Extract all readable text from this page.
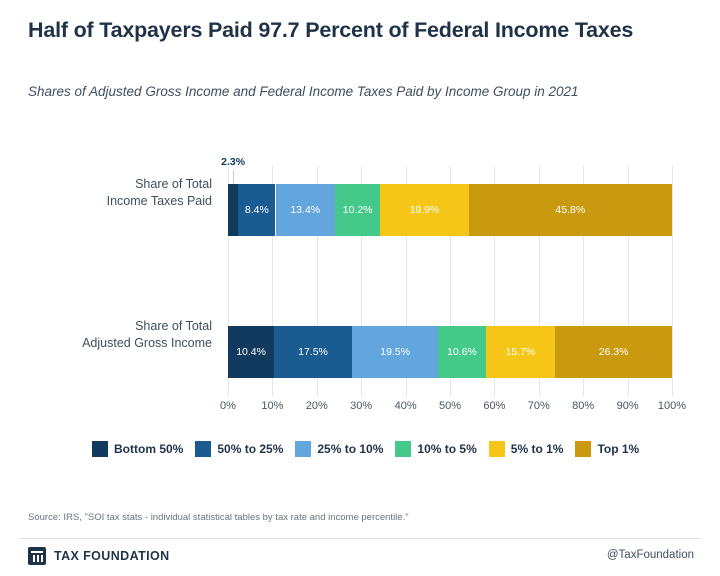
Half of Taxpayers Paid 97.7 Percent of Federal Income Taxes
Shares of Adjusted Gross Income and Federal Income Taxes Paid by Income Group in 2021
Share of Total
Income Taxes Paid
Share of Total
Adjusted Gross Income
2.3%
8.4% 13.4% 10.2%	19.9%	45.8%
10.4%	17.5%	19.5%	10.6%	15.7%	26.3%
0% 10% 20% 30% 40% 50% 60% 70% 80% 90% 100%
Bottom 50%	50% to 25%	25% to 10%	10% to 5%	5% to 1%	Top 1%
Source: IRS, "SOI tax stats - individual statistical tables by tax rate and income percentile."
TAX FOUNDATION	@TaxFoundation
